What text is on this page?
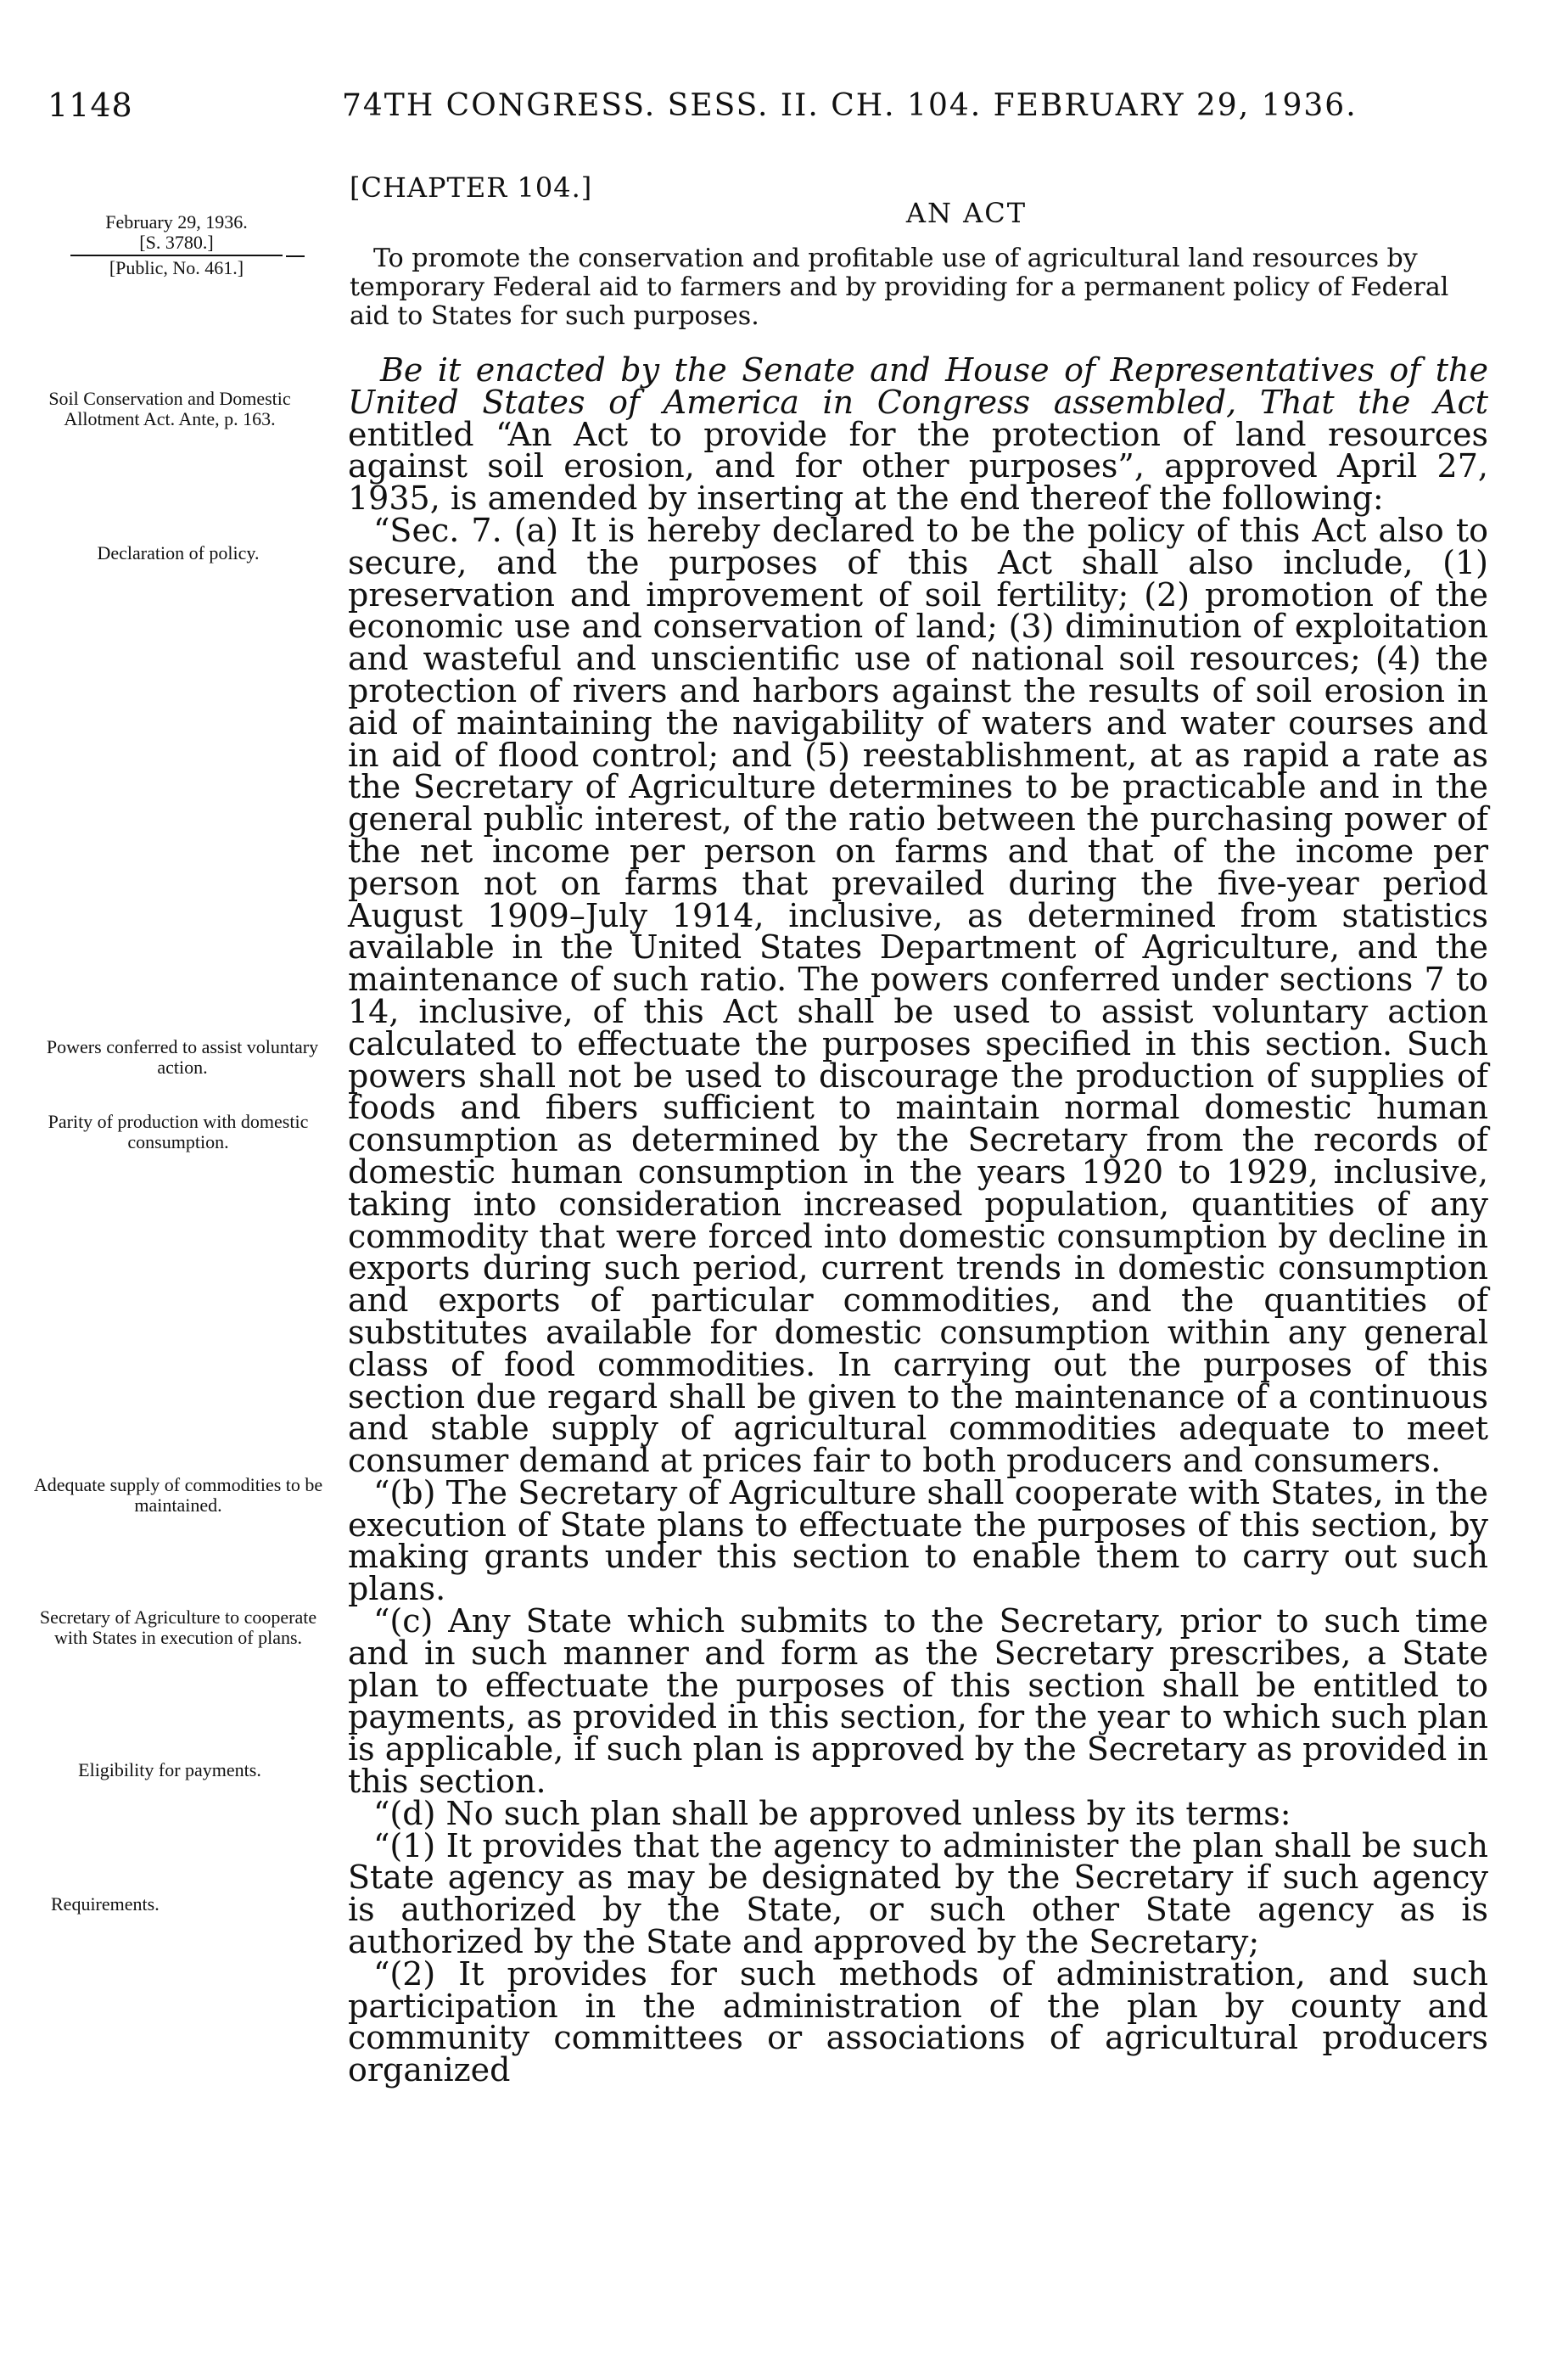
1148	74TH CONGRESS. SESS. II. CH. 104. FEBRUARY 29, 1936.
[CHAPTER 104.]
AN ACT
February 29, 1936.
[S. 3780.]
[Public, No. 461.]	To promote the conservation and profitable use of agricultural land resources by temporary Federal aid to farmers and by providing for a permanent policy of Federal aid to States for such purposes.
Soil Conservation and Domestic Allotment Act. Ante, p. 163.
Declaration of policy.
Powers conferred to assist voluntary action.
Parity of production with domestic consumption.
Adequate supply of commodities to be maintained.
Secretary of Agriculture to cooperate with States in execution of plans.
Eligibility for payments.
Requirements.
Be it enacted by the Senate and House of Representatives of the
United States of America in Congress assembled, That the Act

entitled “An Act to provide for the protection of land resources against soil erosion, and for other purposes”, approved April 27, 1935, is amended by inserting at the end thereof the following:

“Sec. 7. (a) It is hereby declared to be the policy of this Act also to secure, and the purposes of this Act shall also include, (1) preservation and improvement of soil fertility; (2) promotion of the economic use and conservation of land; (3) diminution of exploitation and wasteful and unscientific use of national soil resources; (4) the protection of rivers and harbors against the results of soil erosion in aid of maintaining the navigability of waters and water courses and in aid of flood control; and (5) reestablishment, at as rapid a rate as the Secretary of Agriculture determines to be practicable and in the general public interest, of the ratio between the purchasing power of the net income per person on farms and that of the income per person not on farms that prevailed during the five-year period August 1909–July 1914, inclusive, as determined from statistics available in the United States Department of Agriculture, and the maintenance of such ratio. The powers conferred under sections 7 to 14, inclusive, of this Act shall be used to assist voluntary action calculated to effectuate the purposes specified in this section. Such powers shall not be used to discourage the production of supplies of foods and fibers sufficient to maintain normal domestic human consumption as determined by the Secretary from the records of domestic human consumption in the years 1920 to 1929, inclusive, taking into consideration increased population, quantities of any commodity that were forced into domestic consumption by decline in exports during such period, current trends in domestic consumption and exports of particular commodities, and the quantities of substitutes available for domestic consumption within any general class of food commodities. In carrying out the purposes of this section due regard shall be given to the maintenance of a continuous and stable supply of agricultural commodities adequate to meet consumer demand at prices fair to both producers and consumers.

“(b) The Secretary of Agriculture shall cooperate with States, in the execution of State plans to effectuate the purposes of this section, by making grants under this section to enable them to carry out such plans.

“(c) Any State which submits to the Secretary, prior to such time and in such manner and form as the Secretary prescribes, a State plan to effectuate the purposes of this section shall be entitled to payments, as provided in this section, for the year to which such plan is applicable, if such plan is approved by the Secretary as provided in this section.

“(d) No such plan shall be approved unless by its terms:

“(1) It provides that the agency to administer the plan shall be such State agency as may be designated by the Secretary if such agency is authorized by the State, or such other State agency as is authorized by the State and approved by the Secretary;

“(2) It provides for such methods of administration, and such participation in the administration of the plan by county and community committees or associations of agricultural producers organized
